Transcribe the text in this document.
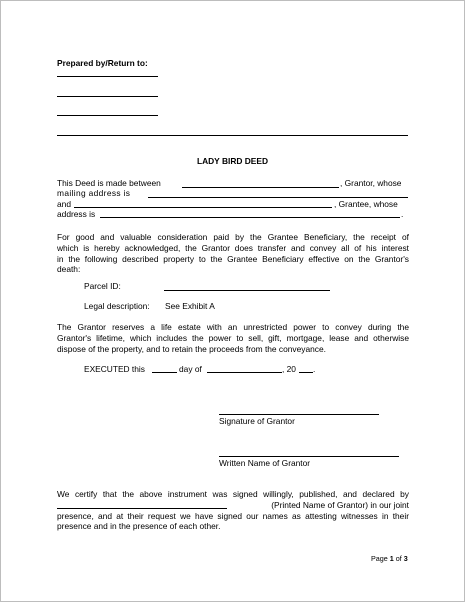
Prepared by/Return to:
LADY BIRD DEED
This Deed is made between	, Grantor, whose
mailing address is
and	, Grantee, whose
address is	.
For good and valuable consideration paid by the Grantee Beneficiary, the receipt of
which is hereby acknowledged, the Grantor does transfer and convey all of his interest
in the following described property to the Grantee Beneficiary effective on the Grantor's
death:
Parcel ID:
Legal description: See Exhibit A
The Grantor reserves a life estate with an unrestricted power to convey during the
Grantor's lifetime, which includes the power to sell, gift, mortgage, lease and otherwise
dispose of the property, and to retain the proceeds from the conveyance.
EXECUTED this	day of	, 20 .
Signature of Grantor
Written Name of Grantor
We certify that the above instrument was signed willingly, published, and declared by
(Printed Name of Grantor) in our joint
presence, and at their request we have signed our names as attesting witnesses in their
presence and in the presence of each other.
Page 1 of 3
